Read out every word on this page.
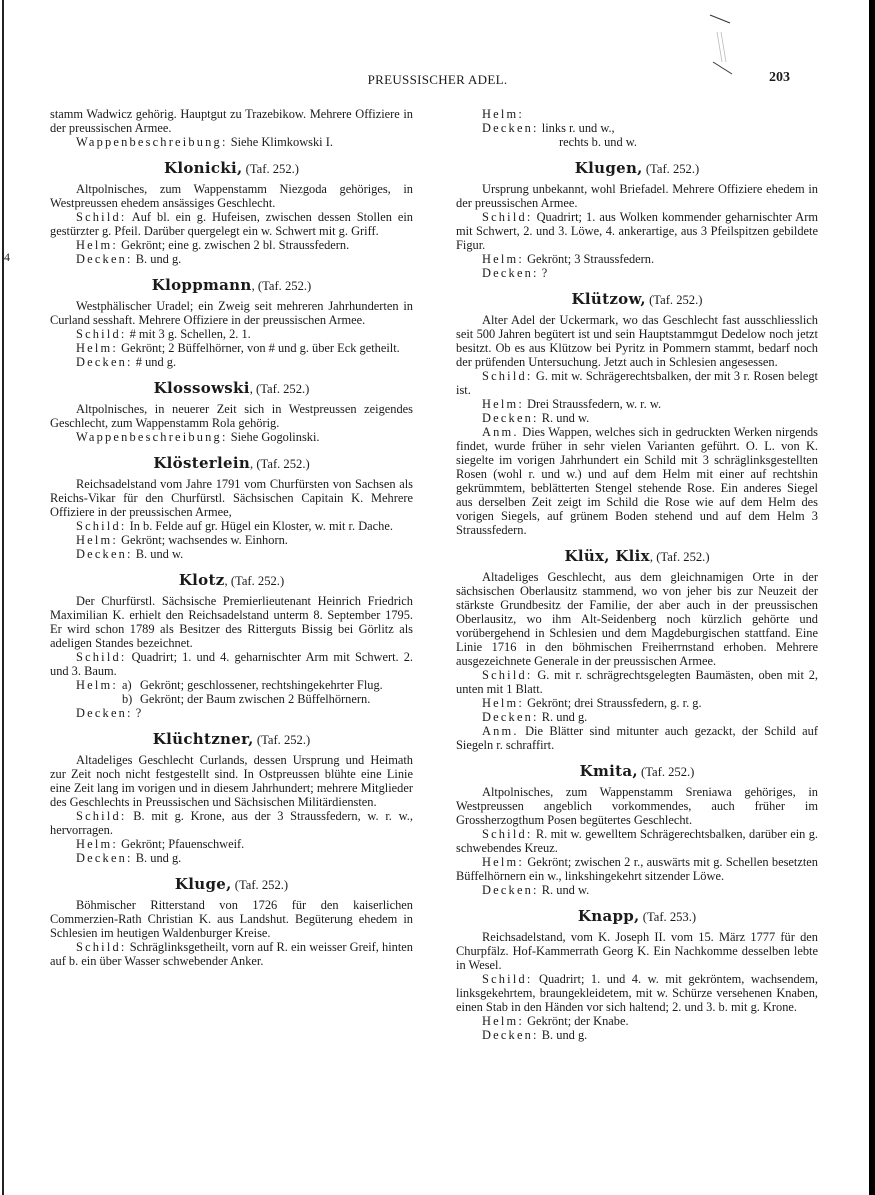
4
PREUSSISCHER ADEL.	203

stamm Wadwicz gehörig. Hauptgut zu Trazebikow. Mehrere Offiziere in der preussischen Armee.

Wappenbeschreibung: Siehe Klimkowski I.

Klonicki, (Taf. 252.)

Altpolnisches, zum Wappenstamm Niezgoda gehöriges, in Westpreussen ehedem ansässiges Geschlecht.

Schild: Auf bl. ein g. Hufeisen, zwischen dessen Stollen ein gestürzter g. Pfeil. Darüber quergelegt ein w. Schwert mit g. Griff.

Helm: Gekrönt; eine g. zwischen 2 bl. Straussfedern.

Decken: B. und g.

Kloppmann, (Taf. 252.)

Westphälischer Uradel; ein Zweig seit mehreren Jahrhunderten in Curland sesshaft. Mehrere Offiziere in der preussischen Armee.

Schild: # mit 3 g. Schellen, 2. 1.

Helm: Gekrönt; 2 Büffelhörner, von # und g. über Eck getheilt.

Decken: # und g.

Klossowski, (Taf. 252.)

Altpolnisches, in neuerer Zeit sich in Westpreussen zeigendes Geschlecht, zum Wappenstamm Rola gehörig.

Wappenbeschreibung: Siehe Gogolinski.

Klösterlein, (Taf. 252.)

Reichsadelstand vom Jahre 1791 vom Churfürsten von Sachsen als Reichs-Vikar für den Churfürstl. Sächsischen Capitain K. Mehrere Offiziere in der preussischen Armee,

Schild: In b. Felde auf gr. Hügel ein Kloster, w. mit r. Dache.

Helm: Gekrönt; wachsendes w. Einhorn.

Decken: B. und w.

Klotz, (Taf. 252.)

Der Churfürstl. Sächsische Premierlieutenant Heinrich Friedrich Maximilian K. erhielt den Reichsadelstand unterm 8. September 1795. Er wird schon 1789 als Besitzer des Ritterguts Bissig bei Görlitz als adeligen Standes bezeichnet.

Schild: Quadrirt; 1. und 4. geharnischter Arm mit Schwert. 2. und 3. Baum.

Helm: a) Gekrönt; geschlossener, rechtshingekehrter Flug.
b) Gekrönt; der Baum zwischen 2 Büffelhörnern.

Decken: ?

Klüchtzner, (Taf. 252.)

Altadeliges Geschlecht Curlands, dessen Ursprung und Heimath zur Zeit noch nicht festgestellt sind. In Ostpreussen blühte eine Linie eine Zeit lang im vorigen und in diesem Jahrhundert; mehrere Mitglieder des Geschlechts in Preussischen und Sächsischen Militärdiensten.

Schild: B. mit g. Krone, aus der 3 Straussfedern, w. r. w., hervorragen.

Helm: Gekrönt; Pfauenschweif.

Decken: B. und g.

Kluge, (Taf. 252.)

Böhmischer Ritterstand von 1726 für den kaiserlichen Commerzien-Rath Christian K. aus Landshut. Begüterung ehedem in Schlesien im heutigen Waldenburger Kreise.

Schild: Schräglinksgetheilt, vorn auf R. ein weisser Greif, hinten auf b. ein über Wasser schwebender Anker.

Helm:

Decken: links r. und w.,

rechts b. und w.

Klugen, (Taf. 252.)

Ursprung unbekannt, wohl Briefadel. Mehrere Offiziere ehedem in der preussischen Armee.

Schild: Quadrirt; 1. aus Wolken kommender geharnischter Arm mit Schwert, 2. und 3. Löwe, 4. ankerartige, aus 3 Pfeilspitzen gebildete Figur.

Helm: Gekrönt; 3 Straussfedern.

Decken: ?

Klützow, (Taf. 252.)

Alter Adel der Uckermark, wo das Geschlecht fast ausschliesslich seit 500 Jahren begütert ist und sein Hauptstammgut Dedelow noch jetzt besitzt. Ob es aus Klützow bei Pyritz in Pommern stammt, bedarf noch der prüfenden Untersuchung. Jetzt auch in Schlesien angesessen.

Schild: G. mit w. Schrägerechtsbalken, der mit 3 r. Rosen belegt ist.

Helm: Drei Straussfedern, w. r. w.

Decken: R. und w.

Anm. Dies Wappen, welches sich in gedruckten Werken nirgends findet, wurde früher in sehr vielen Varianten geführt. O. L. von K. siegelte im vorigen Jahrhundert ein Schild mit 3 schräglinksgestellten Rosen (wohl r. und w.) und auf dem Helm mit einer auf rechtshin gekrümmtem, beblätterten Stengel stehende Rose. Ein anderes Siegel aus derselben Zeit zeigt im Schild die Rose wie auf dem Helm des vorigen Siegels, auf grünem Boden stehend und auf dem Helm 3 Straussfedern.

Klüx, Klix, (Taf. 252.)

Altadeliges Geschlecht, aus dem gleichnamigen Orte in der sächsischen Oberlausitz stammend, wo von jeher bis zur Neuzeit der stärkste Grundbesitz der Familie, der aber auch in der preussischen Oberlausitz, wo ihm Alt-Seidenberg noch kürzlich gehörte und vorübergehend in Schlesien und dem Magdeburgischen stattfand. Eine Linie 1716 in den böhmischen Freiherrnstand erhoben. Mehrere ausgezeichnete Generale in der preussischen Armee.

Schild: G. mit r. schrägrechtsgelegten Baumästen, oben mit 2, unten mit 1 Blatt.

Helm: Gekrönt; drei Straussfedern, g. r. g.

Decken: R. und g.

Anm. Die Blätter sind mitunter auch gezackt, der Schild auf Siegeln r. schraffirt.

Kmita, (Taf. 252.)

Altpolnisches, zum Wappenstamm Sreniawa gehöriges, in Westpreussen angeblich vorkommendes, auch früher im Grossherzogthum Posen begütertes Geschlecht.

Schild: R. mit w. gewelltem Schrägerechtsbalken, darüber ein g. schwebendes Kreuz.

Helm: Gekrönt; zwischen 2 r., auswärts mit g. Schellen besetzten Büffelhörnern ein w., linkshingekehrt sitzender Löwe.

Decken: R. und w.

Knapp, (Taf. 253.)

Reichsadelstand, vom K. Joseph II. vom 15. März 1777 für den Churpfälz. Hof-Kammerrath Georg K. Ein Nachkomme desselben lebte in Wesel.

Schild: Quadrirt; 1. und 4. w. mit gekröntem, wachsendem, linksgekehrtem, braungekleidetem, mit w. Schürze versehenen Knaben, einen Stab in den Händen vor sich haltend; 2. und 3. b. mit g. Krone.

Helm: Gekrönt; der Knabe.

Decken: B. und g.
